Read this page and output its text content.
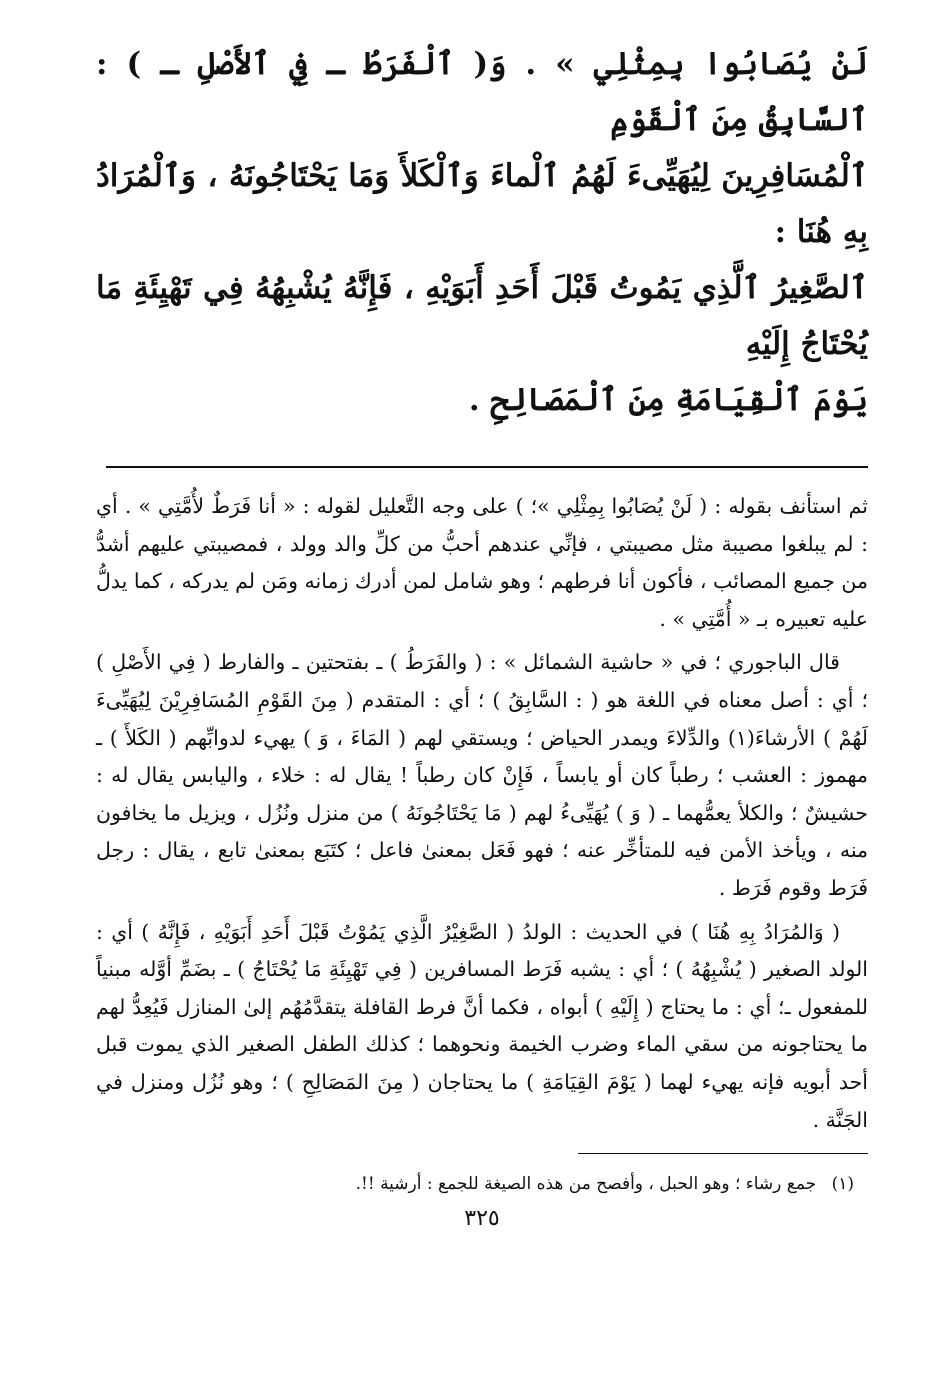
لَنْ يُصَابُوا بِمِثْلِي » . وَ( ٱلْفَرَطُ ـ فِي ٱلأَصْلِ ـ ) : ٱلسَّابِقُ مِنَ ٱلْقَوْمِ

ٱلْمُسَافِرِينَ لِيُهَيِّىءَ لَهُمُ ٱلْماءَ وَٱلْكَلأَ وَمَا يَحْتَاجُونَهُ ، وَٱلْمُرَادُ بِهِ هُنَا :

ٱلصَّغِيرُ ٱلَّذِي يَمُوتُ قَبْلَ أَحَدِ أَبَوَيْهِ ، فَإِنَّهُ يُشْبِهُهُ فِي تَهْيِئَةِ مَا يُحْتَاجُ إِلَيْهِ

يَوْمَ ٱلْقِيَامَةِ مِنَ ٱلْمَصَالِحِ .

ثم استأنف بقوله : ( لَنْ يُصَابُوا بِمِثْلِي »؛ ) على وجه التَّعليل لقوله : « أنا فَرَطٌ لأُمَّتِي » . أي : لم يبلغوا مصيبة مثل مصيبتي ، فإنِّي عندهم أحبُّ من كلِّ والد وولد ، فمصيبتي عليهم أشدُّ من جميع المصائب ، فأكون أنا فرطهم ؛ وهو شامل لمن أدرك زمانه ومَن لم يدركه ، كما يدلُّ عليه تعبيره بـ « أُمَّتِي » .

قال الباجوري ؛ في « حاشية الشمائل » : ( والفَرَطُ ) ـ بفتحتين ـ والفارط ( فِي الأَصْلِ ) ؛ أي : أصل معناه في اللغة هو ( : السَّابِقُ ) ؛ أي : المتقدم ( مِنَ القَوْمِ المُسَافِرِيْنَ لِيُهَيِّىءَ لَهُمْ ) الأرشاءَ(١) والدِّلاءَ ويمدر الحياض ؛ ويستقي لهم ( المَاءَ ، وَ ) يهيء لدوابِّهم ( الكَلأَ ) ـ مهموز : العشب ؛ رطباً كان أو يابساً ، فَإِنْ كان رطباً ! يقال له : خلاء ، واليابس يقال له : حشيشٌ ؛ والكلأ يعمُّهما ـ ( وَ ) يُهَيِّىءُ لهم ( مَا يَحْتَاجُونَهُ ) من منزل ونُزُل ، ويزيل ما يخافون منه ، ويأخذ الأمن فيه للمتأخِّر عنه ؛ فهو فَعَل بمعنىٰ فاعل ؛ كتَبَع بمعنىٰ تابع ، يقال : رجل فَرَط وقوم فَرَط .

( وَالمُرَادُ بِهِ هُنَا ) في الحديث : الولدُ ( الصَّغِيْرُ الَّذِي يَمُوْتُ قَبْلَ أَحَدِ أَبَوَيْهِ ، فَإِنَّهُ ) أي : الولد الصغير ( يُشْبِهُهُ ) ؛ أي : يشبه فَرَط المسافرين ( فِي تَهْيِئَةِ مَا يُحْتَاجُ ) ـ بضَمِّ أوَّله مبنياً للمفعول ـ؛ أي : ما يحتاج ( إِلَيْهِ ) أبواه ، فكما أنَّ فرط القافلة يتقدَّمُهُم إلىٰ المنازل فَيُعِدُّ لهم ما يحتاجونه من سقي الماء وضرب الخيمة ونحوهما ؛ كذلك الطفل الصغير الذي يموت قبل أحد أبويه فإنه يهيء لهما ( يَوْمَ القِيَامَةِ ) ما يحتاجان ( مِنَ المَصَالِحِ ) ؛ وهو نُزُل ومنزل في الجَنَّة .

(١) جمع رشاء ؛ وهو الحبل ، وأفصح من هذه الصيغة للجمع : أرشية !!.
٣٢٥
